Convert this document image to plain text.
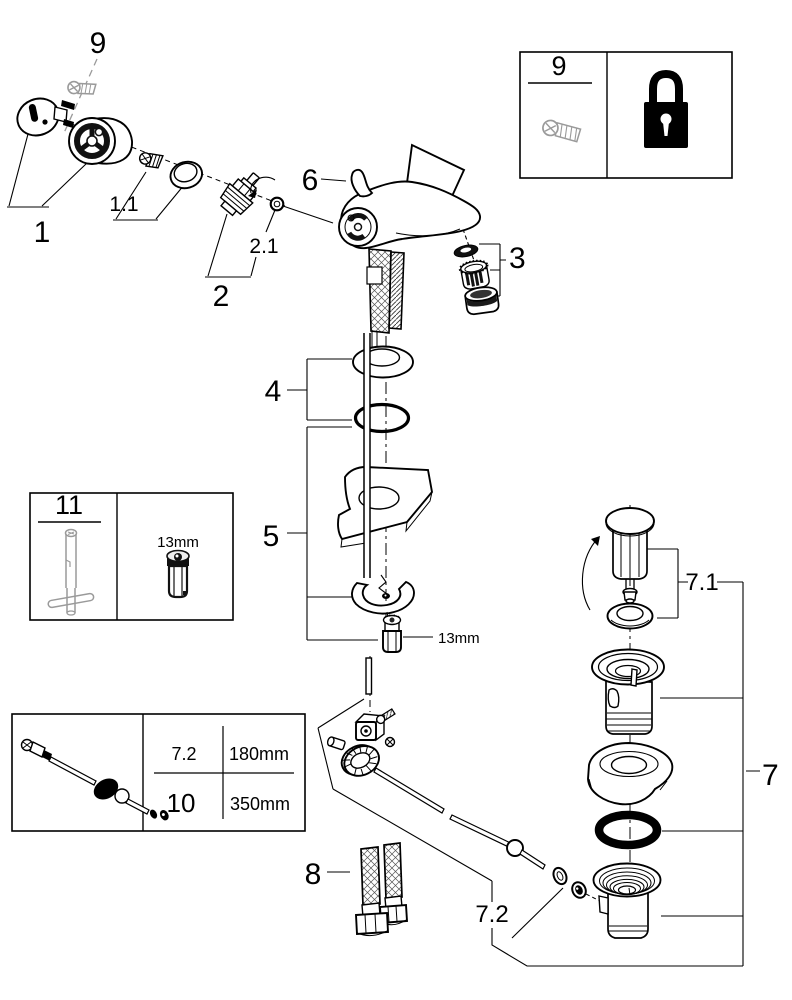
9
1
1.1
2
2.1
6
3
4
5
13mm
7.1
7
7.2
8
9
11
13mm
7.2 180mm
10 350mm
